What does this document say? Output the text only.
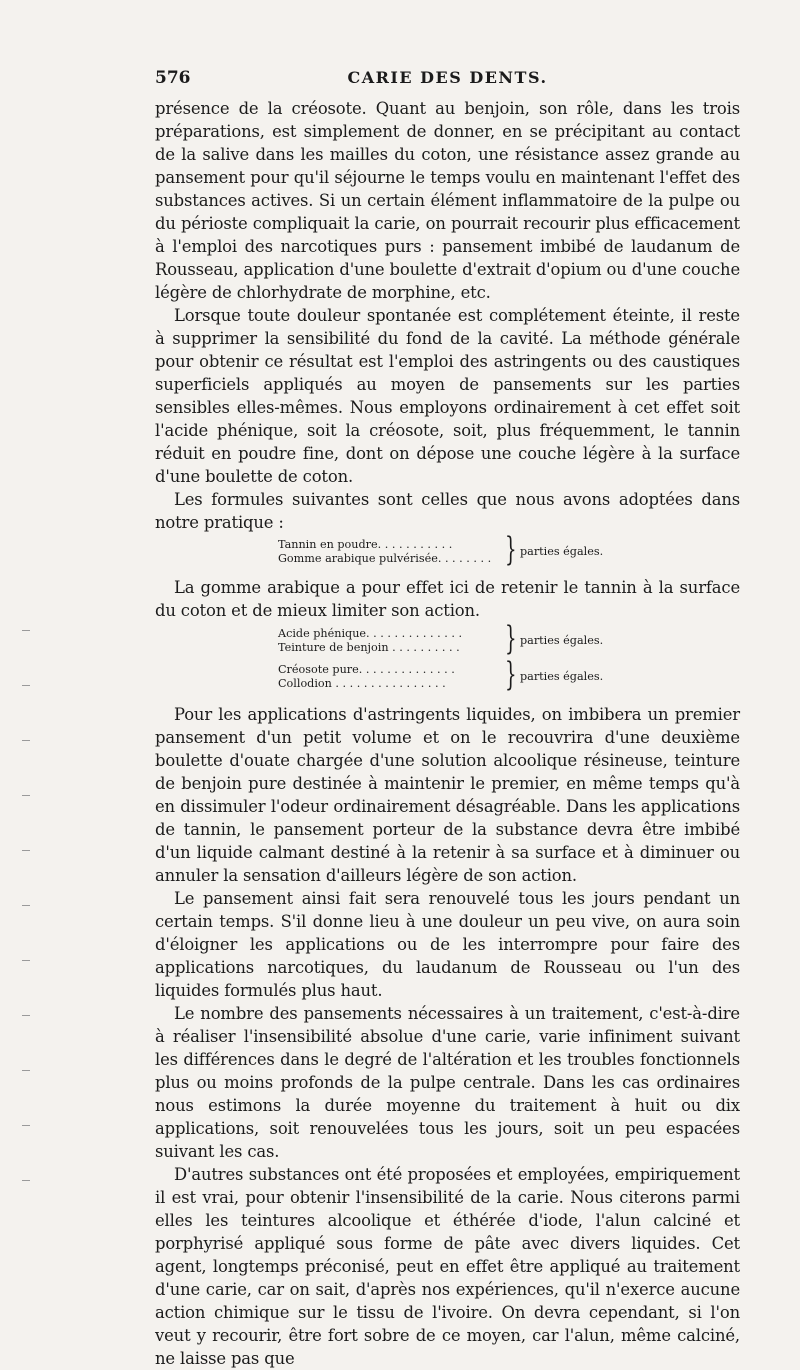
576	CARIE DES DENTS.

présence de la créosote. Quant au benjoin, son rôle, dans les trois préparations, est simplement de donner, en se précipitant au contact de la salive dans les mailles du coton, une résistance assez grande au pansement pour qu'il séjourne le temps voulu en maintenant l'effet des substances actives. Si un certain élément inflammatoire de la pulpe ou du périoste compliquait la carie, on pourrait recourir plus efficacement à l'emploi des narcotiques purs : pansement imbibé de laudanum de Rousseau, application d'une boulette d'extrait d'opium ou d'une couche légère de chlorhydrate de morphine, etc.

Lorsque toute douleur spontanée est complétement éteinte, il reste à supprimer la sensibilité du fond de la cavité. La méthode générale pour obtenir ce résultat est l'emploi des astringents ou des caustiques superficiels appliqués au moyen de pansements sur les parties sensibles elles-mêmes. Nous employons ordinairement à cet effet soit l'acide phénique, soit la créosote, soit, plus fréquemment, le tannin réduit en poudre fine, dont on dépose une couche légère à la surface d'une boulette de coton.

Les formules suivantes sont celles que nous avons adoptées dans notre pratique :

Tannin en poudre. . . . . . . . . . .
Gomme arabique pulvérisée. . . . . . . . } parties égales.

La gomme arabique a pour effet ici de retenir le tannin à la surface du coton et de mieux limiter son action.

Acide phénique. . . . . . . . . . . . . .
Teinture de benjoin . . . . . . . . . . } parties égales.
Créosote pure. . . . . . . . . . . . . .
Collodion . . . . . . . . . . . . . . . . } parties égales.

Pour les applications d'astringents liquides, on imbibera un premier pansement d'un petit volume et on le recouvrira d'une deuxième boulette d'ouate chargée d'une solution alcoolique résineuse, teinture de benjoin pure destinée à maintenir le premier, en même temps qu'à en dissimuler l'odeur ordinairement désagréable. Dans les applications de tannin, le pansement porteur de la substance devra être imbibé d'un liquide calmant destiné à la retenir à sa surface et à diminuer ou annuler la sensation d'ailleurs légère de son action.

Le pansement ainsi fait sera renouvelé tous les jours pendant un certain temps. S'il donne lieu à une douleur un peu vive, on aura soin d'éloigner les applications ou de les interrompre pour faire des applications narcotiques, du laudanum de Rousseau ou l'un des liquides formulés plus haut.

Le nombre des pansements nécessaires à un traitement, c'est-à-dire à réaliser l'insensibilité absolue d'une carie, varie infiniment suivant les différences dans le degré de l'altération et les troubles fonctionnels plus ou moins profonds de la pulpe centrale. Dans les cas ordinaires nous estimons la durée moyenne du traitement à huit ou dix applications, soit renouvelées tous les jours, soit un peu espacées suivant les cas.

D'autres substances ont été proposées et employées, empiriquement il est vrai, pour obtenir l'insensibilité de la carie. Nous citerons parmi elles les teintures alcoolique et éthérée d'iode, l'alun calciné et porphyrisé appliqué sous forme de pâte avec divers liquides. Cet agent, longtemps préconisé, peut en effet être appliqué au traitement d'une carie, car on sait, d'après nos expériences, qu'il n'exerce aucune action chimique sur le tissu de l'ivoire. On devra cependant, si l'on veut y recourir, être fort sobre de ce moyen, car l'alun, même calciné, ne laisse pas que
